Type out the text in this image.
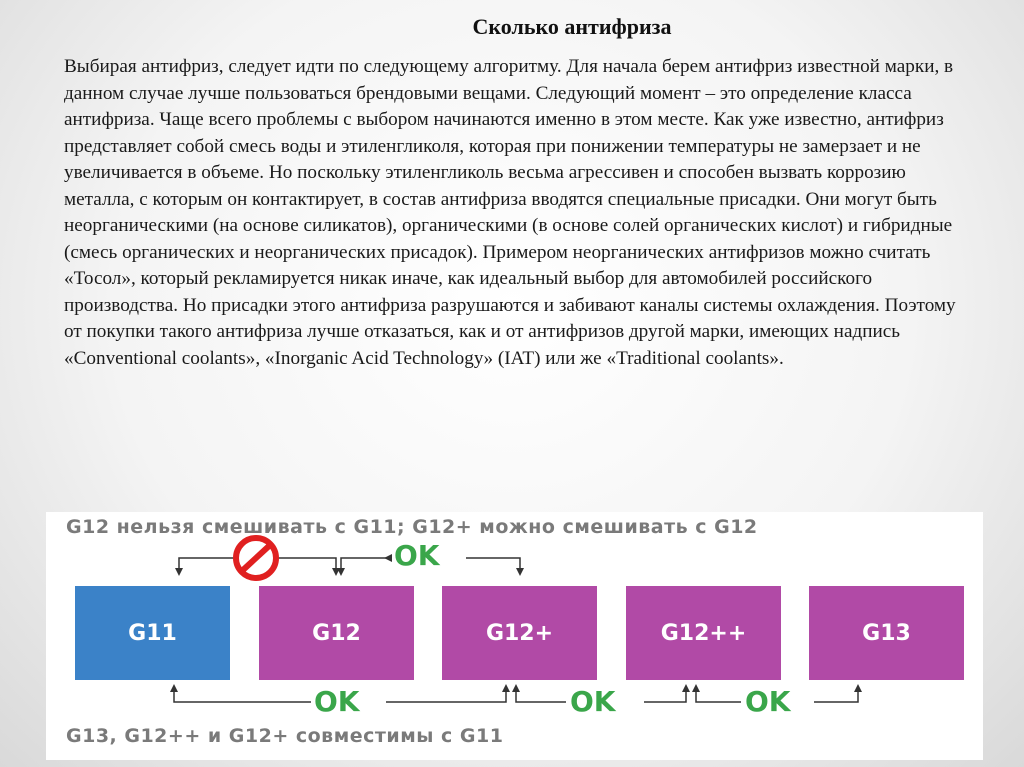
Сколько антифриза
Выбирая антифриз, следует идти по следующему алгоритму. Для начала берем антифриз известной марки, в данном случае лучше пользоваться брендовыми вещами. Следующий момент – это определение класса антифриза. Чаще всего проблемы с выбором начинаются именно в этом месте. Как уже известно, антифриз представляет собой смесь воды и этиленгликоля, которая при понижении температуры не замерзает и не увеличивается в объеме. Но поскольку этиленгликоль весьма агрессивен и способен вызвать коррозию металла, с которым он контактирует, в состав антифриза вводятся специальные присадки. Они могут быть неорганическими (на основе силикатов), органическими (в основе солей органических кислот) и гибридные (смесь органических и неорганических присадок). Примером неорганических антифризов можно считать «Тосол», который рекламируется никак иначе, как идеальный выбор для автомобилей российского производства. Но присадки этого антифриза разрушаются и забивают каналы системы охлаждения. Поэтому от покупки такого антифриза лучше отказаться, как и от антифризов другой марки, имеющих надпись «Conventional coolants», «Inorganic Acid Technology» (IAT) или же «Traditional coolants».
G12 нельзя смешивать с G11; G12+ можно смешивать с G12
OK
G11	G12	G12+	G12++	G13
OK	OK	OK
G13, G12++ и G12+ совместимы с G11
